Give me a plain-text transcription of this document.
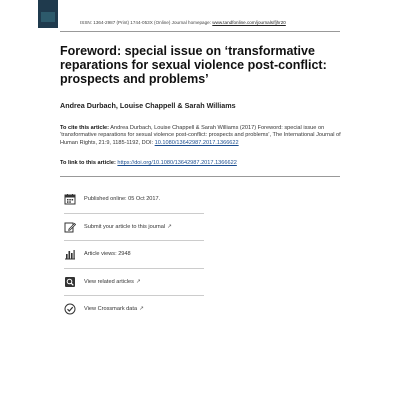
ISSN: 1364-2987 (Print) 1744-053X (Online) Journal homepage: www.tandfonline.com/journals/fjhr20
Foreword: special issue on ‘transformative reparations for sexual violence post-conflict: prospects and problems’
Andrea Durbach, Louise Chappell & Sarah Williams
To cite this article: Andrea Durbach, Louise Chappell & Sarah Williams (2017) Foreword: special issue on ‘transformative reparations for sexual violence post-conflict: prospects and problems’, The International Journal of Human Rights, 21:9, 1185-1192, DOI: 10.1080/13642987.2017.1366622
To link to this article: https://doi.org/10.1080/13642987.2017.1366622
Published online: 05 Oct 2017.
Submit your article to this journal ↗
Article views: 2948
View related articles ↗
View Crossmark data ↗
